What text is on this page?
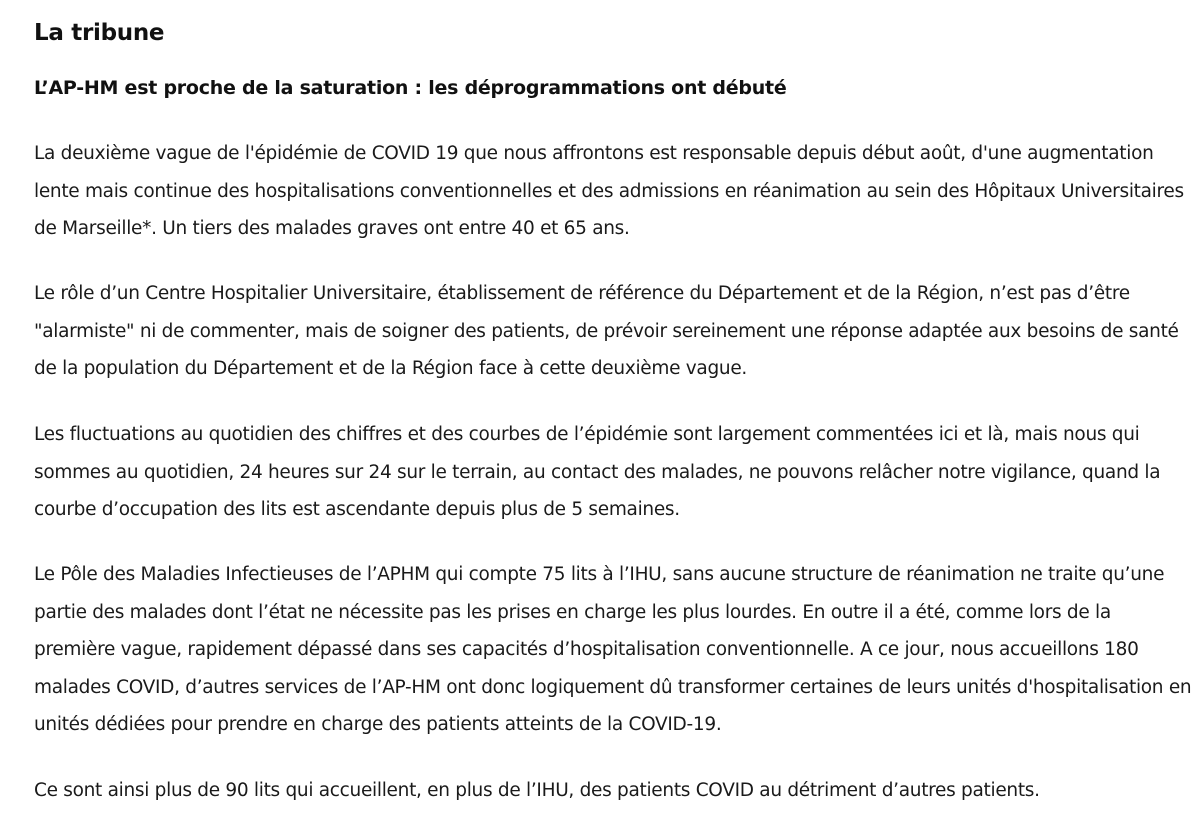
La tribune
L’AP-HM est proche de la saturation : les déprogrammations ont débuté

La deuxième vague de l'épidémie de COVID 19 que nous affrontons est responsable depuis début août, d'une augmentation lente mais continue des hospitalisations conventionnelles et des admissions en réanimation au sein des Hôpitaux Universitaires de Marseille*. Un tiers des malades graves ont entre 40 et 65 ans.

Le rôle d’un Centre Hospitalier Universitaire, établissement de référence du Département et de la Région, n’est pas d’être "alarmiste" ni de commenter, mais de soigner des patients, de prévoir sereinement une réponse adaptée aux besoins de santé de la population du Département et de la Région face à cette deuxième vague.

Les fluctuations au quotidien des chiffres et des courbes de l’épidémie sont largement commentées ici et là, mais nous qui sommes au quotidien, 24 heures sur 24 sur le terrain, au contact des malades, ne pouvons relâcher notre vigilance, quand la courbe d’occupation des lits est ascendante depuis plus de 5 semaines.

Le Pôle des Maladies Infectieuses de l’APHM qui compte 75 lits à l’IHU, sans aucune structure de réanimation ne traite qu’une partie des malades dont l’état ne nécessite pas les prises en charge les plus lourdes. En outre il a été, comme lors de la première vague, rapidement dépassé dans ses capacités d’hospitalisation conventionnelle. A ce jour, nous accueillons 180 malades COVID, d’autres services de l’AP-HM ont donc logiquement dû transformer certaines de leurs unités d'hospitalisation en unités dédiées pour prendre en charge des patients atteints de la COVID-19.

Ce sont ainsi plus de 90 lits qui accueillent, en plus de l’IHU, des patients COVID au détriment d’autres patients.
